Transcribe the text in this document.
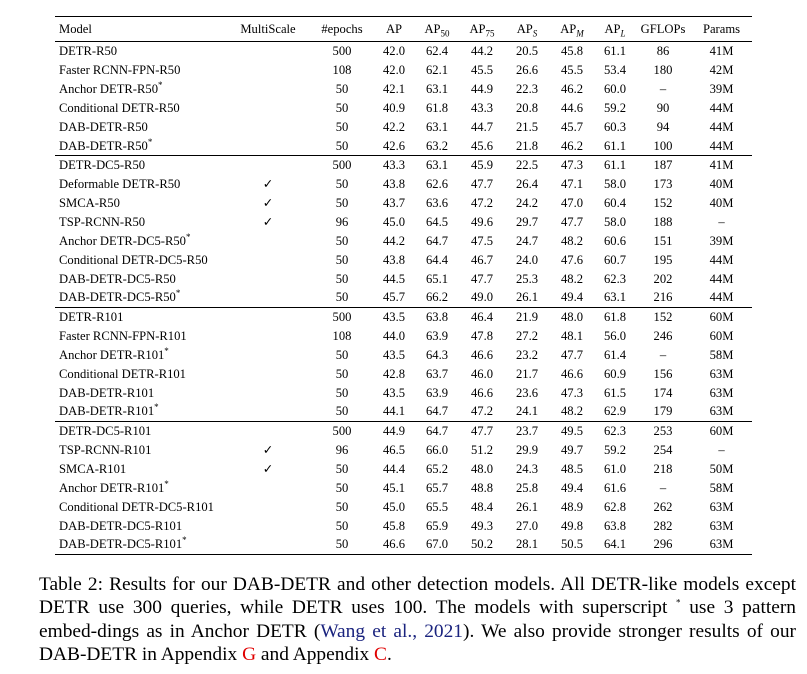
Model	MultiScale	#epochs	AP	$AP_{50}$	$AP_{75}$	$AP_S$	$AP_M$	$AP_L$	GFLOPs	Params
DETR-R50		500	42.0	62.4	44.2	20.5	45.8	61.1	86	41M
Faster RCNN-FPN-R50		108	42.0	62.1	45.5	26.6	45.5	53.4	180	42M
Anchor DETR-R50*		50	42.1	63.1	44.9	22.3	46.2	60.0	–	39M
Conditional DETR-R50		50	40.9	61.8	43.3	20.8	44.6	59.2	90	44M
DAB-DETR-R50		50	42.2	63.1	44.7	21.5	45.7	60.3	94	44M
DAB-DETR-R50*		50	42.6	63.2	45.6	21.8	46.2	61.1	100	44M
DETR-DC5-R50		500	43.3	63.1	45.9	22.5	47.3	61.1	187	41M
Deformable DETR-R50	✓	50	43.8	62.6	47.7	26.4	47.1	58.0	173	40M
SMCA-R50	✓	50	43.7	63.6	47.2	24.2	47.0	60.4	152	40M
TSP-RCNN-R50	✓	96	45.0	64.5	49.6	29.7	47.7	58.0	188	–
Anchor DETR-DC5-R50*		50	44.2	64.7	47.5	24.7	48.2	60.6	151	39M
Conditional DETR-DC5-R50		50	43.8	64.4	46.7	24.0	47.6	60.7	195	44M
DAB-DETR-DC5-R50		50	44.5	65.1	47.7	25.3	48.2	62.3	202	44M
DAB-DETR-DC5-R50*		50	45.7	66.2	49.0	26.1	49.4	63.1	216	44M
DETR-R101		500	43.5	63.8	46.4	21.9	48.0	61.8	152	60M
Faster RCNN-FPN-R101		108	44.0	63.9	47.8	27.2	48.1	56.0	246	60M
Anchor DETR-R101*		50	43.5	64.3	46.6	23.2	47.7	61.4	–	58M
Conditional DETR-R101		50	42.8	63.7	46.0	21.7	46.6	60.9	156	63M
DAB-DETR-R101		50	43.5	63.9	46.6	23.6	47.3	61.5	174	63M
DAB-DETR-R101*		50	44.1	64.7	47.2	24.1	48.2	62.9	179	63M
DETR-DC5-R101		500	44.9	64.7	47.7	23.7	49.5	62.3	253	60M
TSP-RCNN-R101	✓	96	46.5	66.0	51.2	29.9	49.7	59.2	254	–
SMCA-R101	✓	50	44.4	65.2	48.0	24.3	48.5	61.0	218	50M
Anchor DETR-R101*		50	45.1	65.7	48.8	25.8	49.4	61.6	–	58M
Conditional DETR-DC5-R101		50	45.0	65.5	48.4	26.1	48.9	62.8	262	63M
DAB-DETR-DC5-R101		50	45.8	65.9	49.3	27.0	49.8	63.8	282	63M
DAB-DETR-DC5-R101*		50	46.6	67.0	50.2	28.1	50.5	64.1	296	63M
Table 2: Results for our DAB-DETR and other detection models. All DETR-like models except DETR use 300 queries, while DETR uses 100. The models with superscript * use 3 pattern embed-dings as in Anchor DETR (Wang et al., 2021). We also provide stronger results of our DAB-DETR in Appendix G and Appendix C.
